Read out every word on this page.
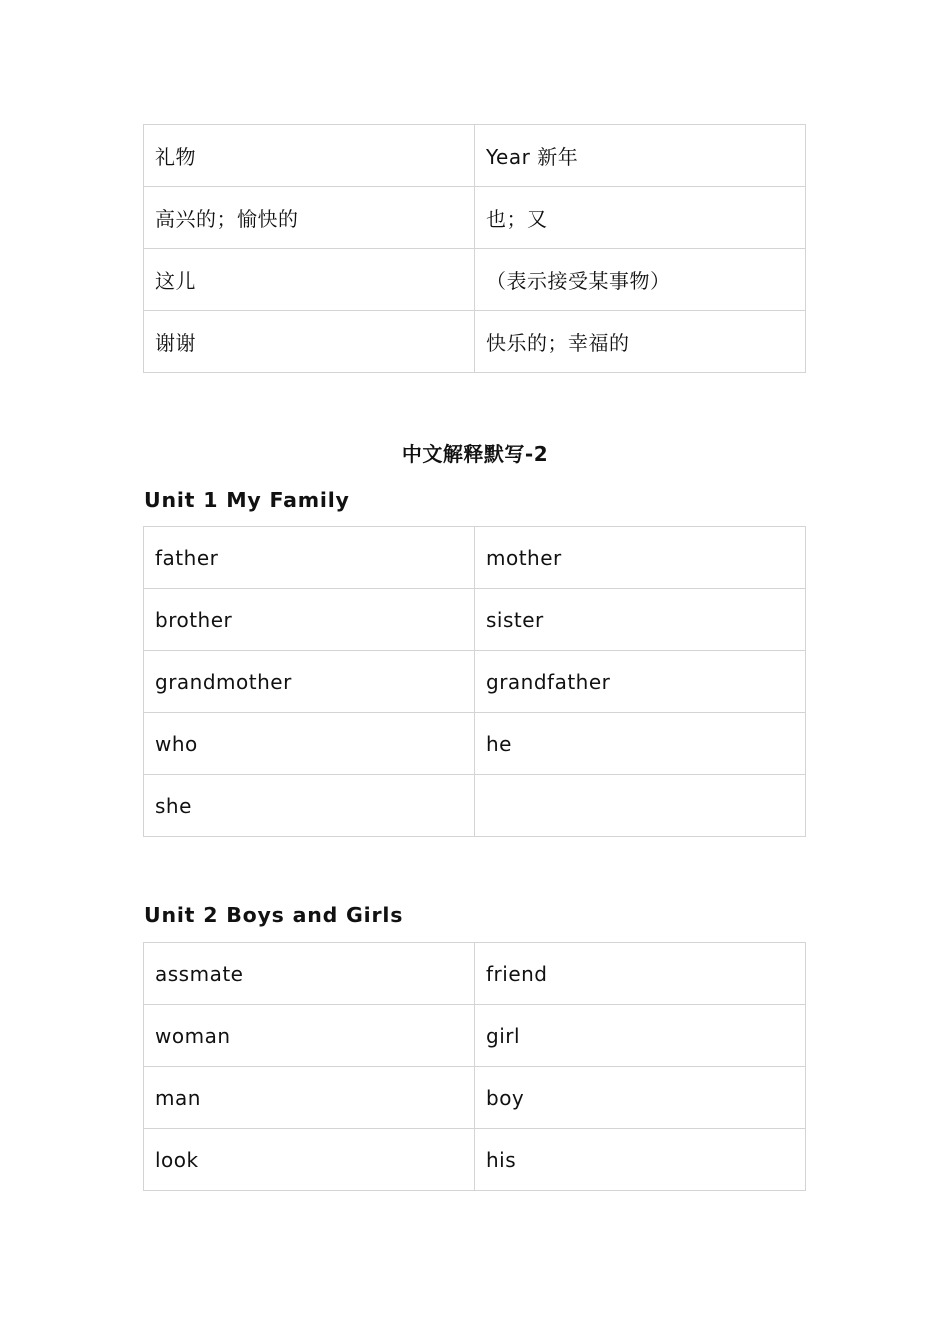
礼物	Year 新年
高兴的；愉快的	也；又
这儿	（表示接受某事物）
谢谢	快乐的；幸福的
中文解释默写-2
Unit 1 My Family
father	mother
brother	sister
grandmother	grandfather
who	he
she	
Unit 2 Boys and Girls
assmate	friend
woman	girl
man	boy
look	his
